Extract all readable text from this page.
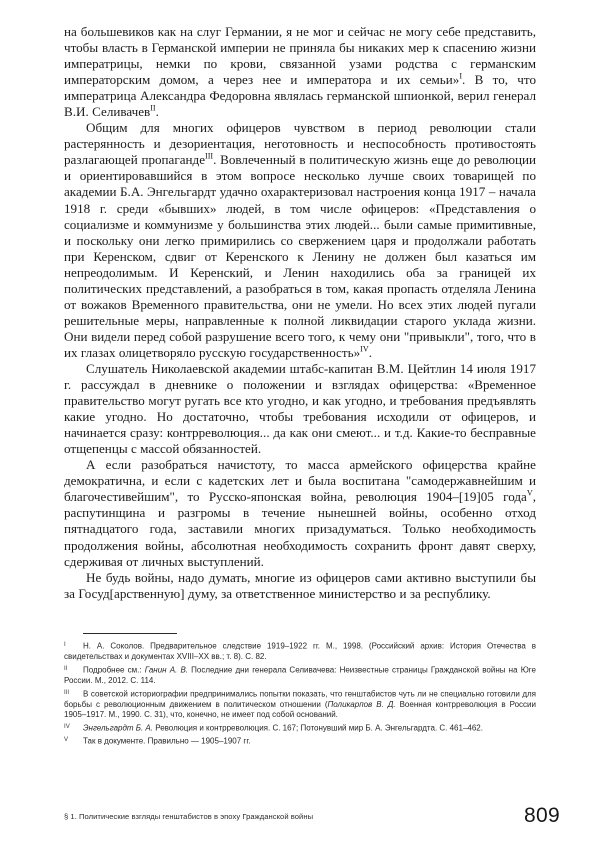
на большевиков как на слуг Германии, я не мог и сейчас не могу себе представить, чтобы власть в Германской империи не приняла бы никаких мер к спасению жизни императрицы, немки по крови, связанной узами родства с германским императорским домом, а через нее и императора и их семьи»$^I$. В то, что императрица Александра Федоровна являлась германской шпионкой, верил генерал В.И. Селивачев$^{II}$.

Общим для многих офицеров чувством в период революции стали растерянность и дезориентация, неготовность и неспособность противостоять разлагающей пропаганде$^{III}$. Вовлеченный в политическую жизнь еще до революции и ориентировавшийся в этом вопросе несколько лучше своих товарищей по академии Б.А. Энгельгардт удачно охарактеризовал настроения конца 1917 – начала 1918 г. среди «бывших» людей, в том числе офицеров: «Представления о социализме и коммунизме у большинства этих людей... были самые примитивные, и поскольку они легко примирились со свержением царя и продолжали работать при Керенском, сдвиг от Керенского к Ленину не должен был казаться им непреодолимым. И Керенский, и Ленин находились оба за границей их политических представлений, а разобраться в том, какая пропасть отделяла Ленина от вожаков Временного правительства, они не умели. Но всех этих людей пугали решительные меры, направленные к полной ликвидации старого уклада жизни. Они видели перед собой разрушение всего того, к чему они "привыкли", того, что в их глазах олицетворяло русскую государственность»$^{IV}$.

Слушатель Николаевской академии штабс-капитан В.М. Цейтлин 14 июля 1917 г. рассуждал в дневнике о положении и взглядах офицерства: «Временное правительство могут ругать все кто угодно, и как угодно, и требования предъявлять какие угодно. Но достаточно, чтобы требования исходили от офицеров, и начинается сразу: контрреволюция... да как они смеют... и т.д. Какие-то бесправные отщепенцы с массой обязанностей.

А если разобраться начистоту, то масса армейского офицерства крайне демократична, и если с кадетских лет и была воспитана "самодержавнейшим и благочестивейшим", то Русско-японская война, революция 1904–[19]05 года$^V$, распутинщина и разгромы в течение нынешней войны, особенно отход пятнадцатого года, заставили многих призадуматься. Только необходимость продолжения войны, абсолютная необходимость сохранить фронт давят сверху, сдерживая от личных выступлений.

Не будь войны, надо думать, многие из офицеров сами активно выступили бы за Госуд[арственную] думу, за ответственное министерство и за республику.

I Н. А. Соколов. Предварительное следствие 1919–1922 гг. М., 1998. (Российский архив: История Отечества в свидетельствах и документах XVIII–XX вв.; т. 8). С. 82.
II Подробнее см.: Ганин А. В. Последние дни генерала Селивачева: Неизвестные страницы Гражданской войны на Юге России. М., 2012. С. 114.
III В советской историографии предпринимались попытки показать, что генштабистов чуть ли не специально готовили для борьбы с революционным движением в политическом отношении (Поликарпов В. Д. Военная контрреволюция в России 1905–1917. М., 1990. С. 31), что, конечно, не имеет под собой оснований.
IV Энгельгардт Б. А. Революция и контрреволюция. С. 167; Потонувший мир Б. А. Энгельгардта. С. 461–462.
V Так в документе. Правильно — 1905–1907 гг.
§ 1. Политические взгляды генштабистов в эпоху Гражданской войны	809
